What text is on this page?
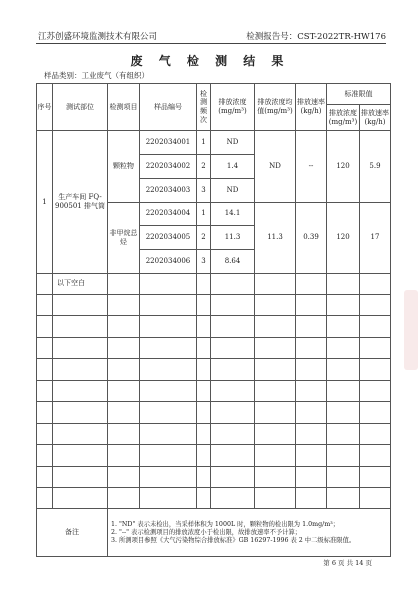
江苏创盛环境监测技术有限公司	检测报告号：CST-2022TR-HW176
废 气 检 测 结 果
样品类别：工业废气（有组织）
序号	测试部位	检测项目	样品编号	检测频次	排放浓度(mg/m³)	排放浓度均值(mg/m³)	排放速率(kg/h)	标准限值	
								排放浓度(mg/m³)	排放速率(kg/h)
1	生产车间 FQ-900501 排气筒	颗粒物	2202034001	1	ND	ND	--	120	5.9
			2202034002	2	1.4				
			2202034003	3	ND				
		非甲烷总烃	2202034004	1	14.1	11.3	0.39	120	17
			2202034005	2	11.3				
			2202034006	3	8.64				
	以下空白								

备注		1. "ND" 表示未检出，当采样体积为 1000L 时，颗粒物的检出限为 1.0mg/m³；
2. "--" 表示检测项目的排放浓度小于检出限，故排放速率不予计算；
3. 所测项目参照《大气污染物综合排放标准》GB 16297-1996 表 2 中二级标准限值。							
第 6 页 共 14 页
